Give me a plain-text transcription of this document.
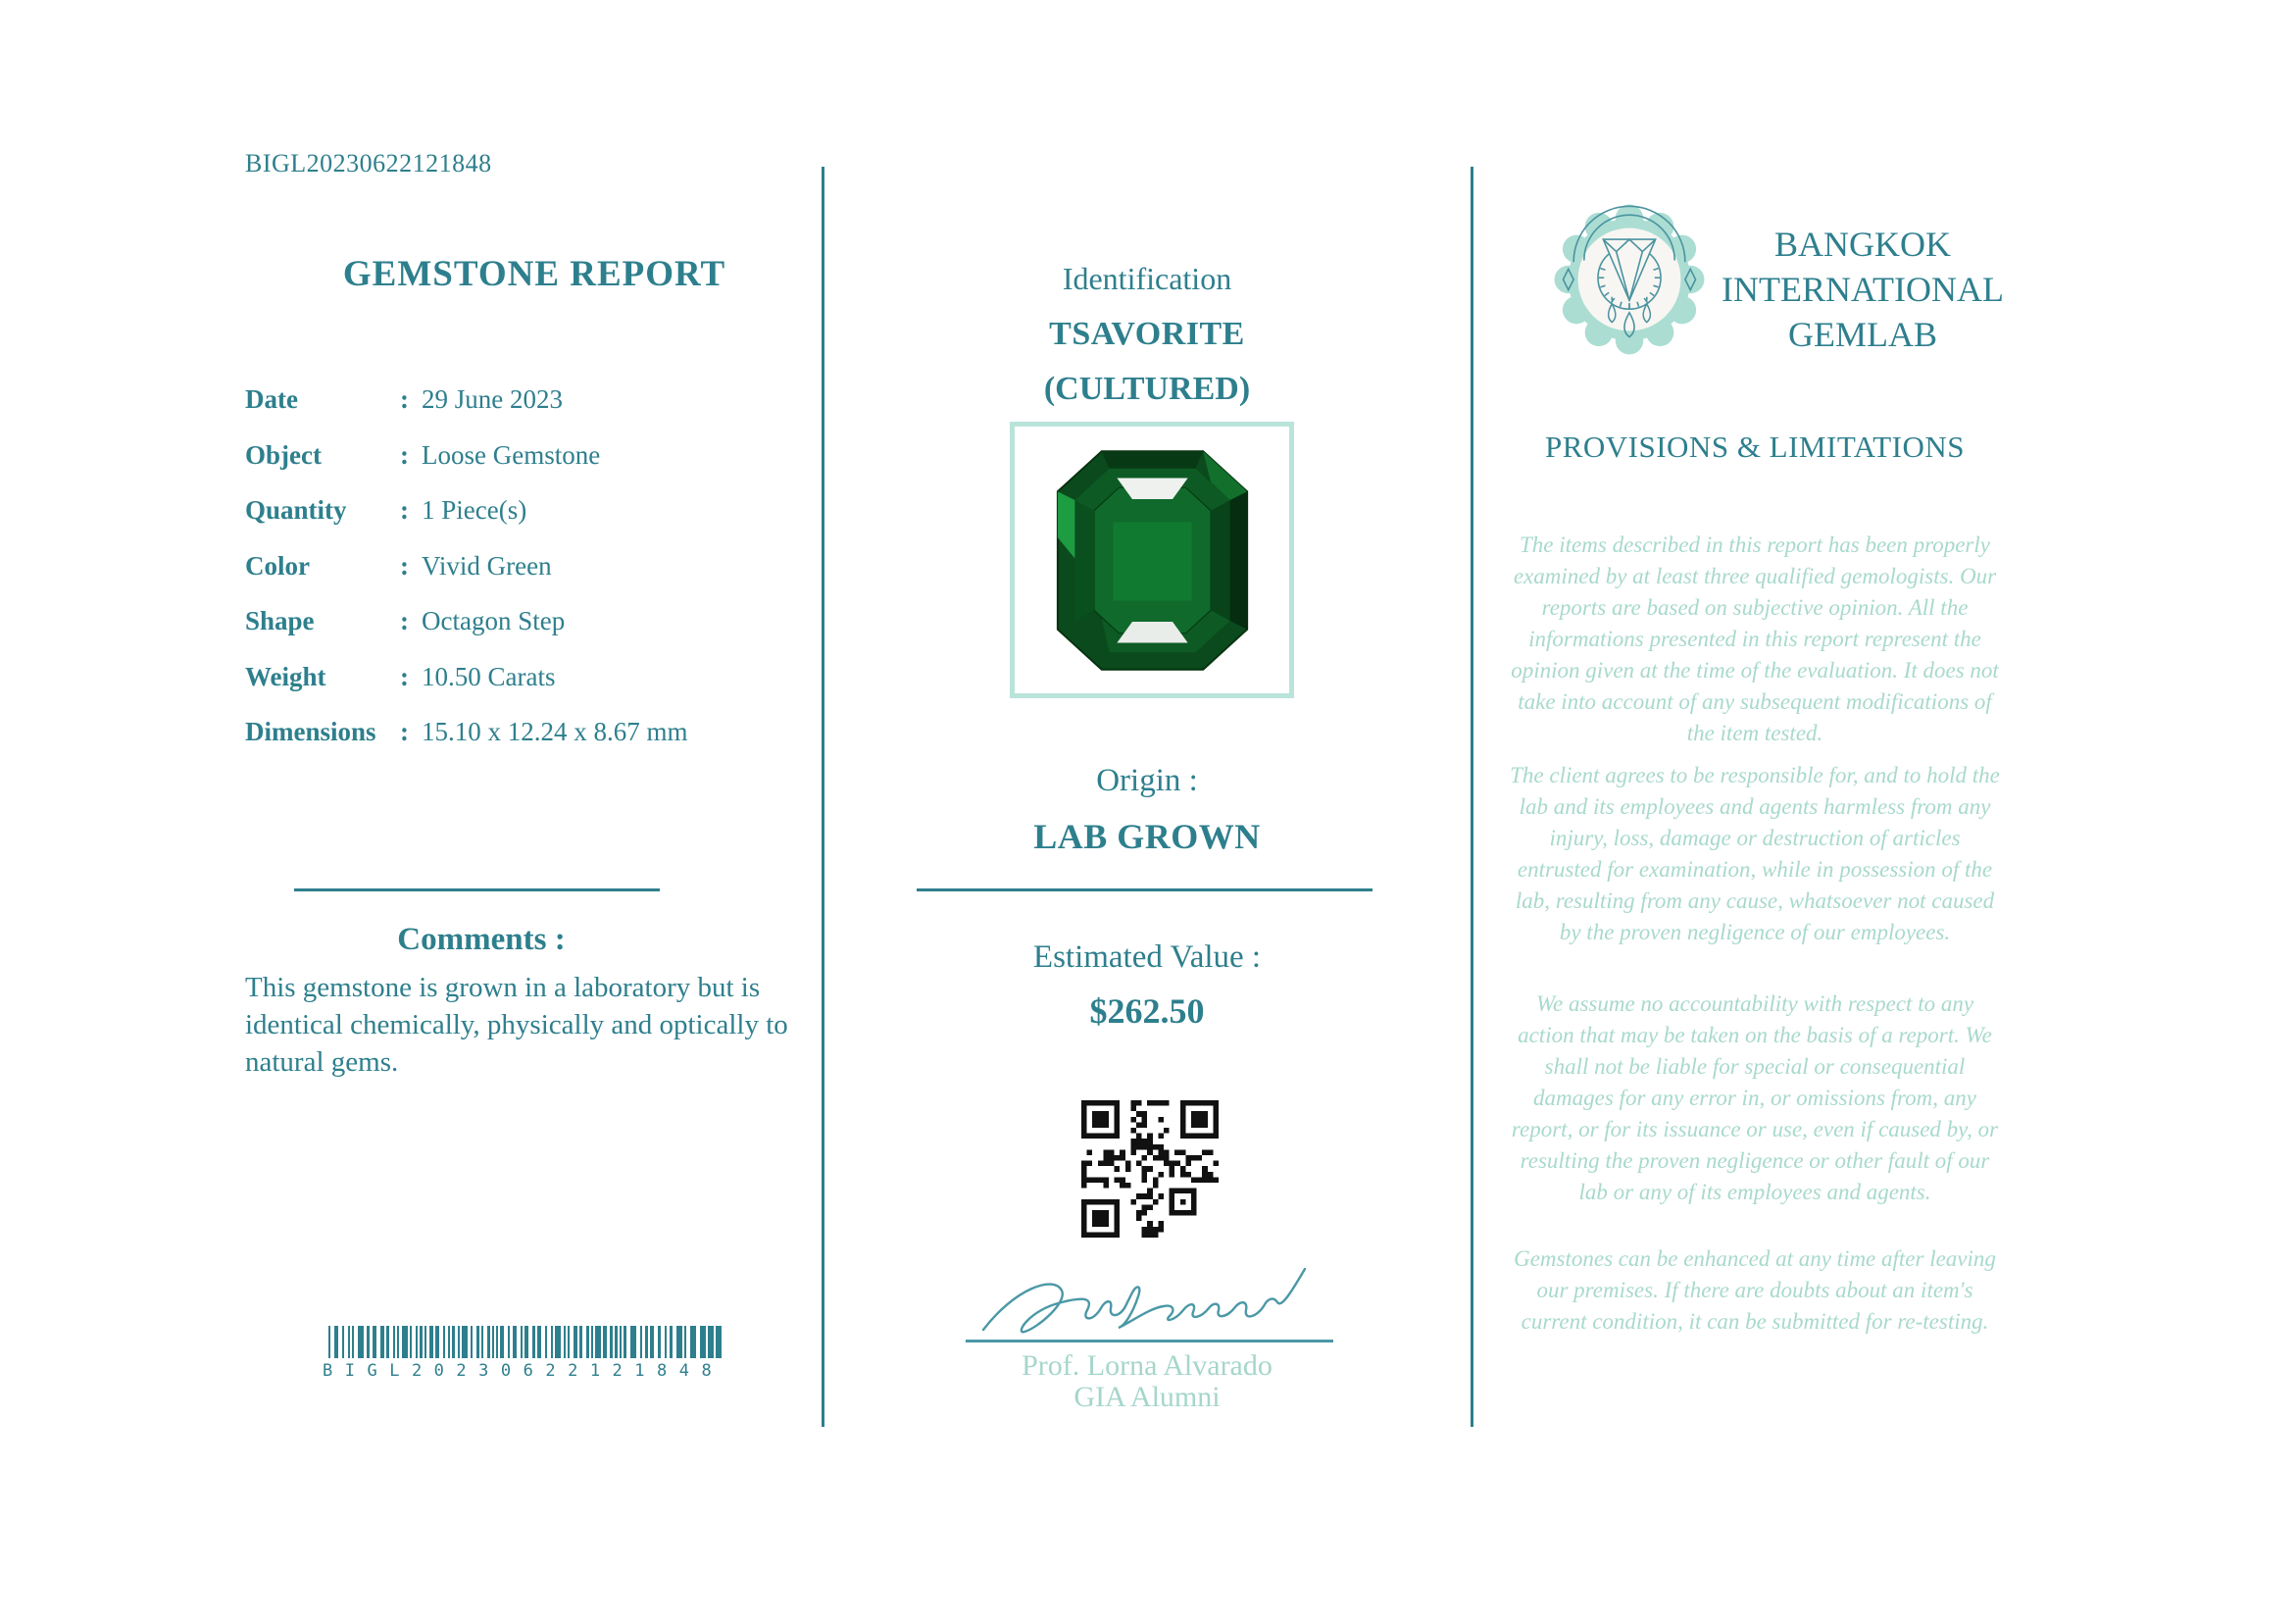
BIGL20230622121848
GEMSTONE REPORT
Date	: 29 June 2023
Object	: Loose Gemstone
Quantity	: 1 Piece(s)
Color	: Vivid Green
Shape	: Octagon Step
Weight	: 10.50 Carats
Dimensions : 15.10 x 12.24 x 8.67 mm
Comments :
This gemstone is grown in a laboratory but is identical chemically, physically and optically to natural gems.
BIGL20230622121848
Identification
TSAVORITE
(CULTURED)
Origin :
LAB GROWN
Estimated Value :
$262.50
Prof. Lorna Alvarado
GIA Alumni
BANGKOK
INTERNATIONAL
GEMLAB
PROVISIONS & LIMITATIONS
The items described in this report has been properly examined by at least three qualified gemologists. Our reports are based on subjective opinion. All the informations presented in this report represent the opinion given at the time of the evaluation. It does not take into account of any subsequent modifications of the item tested.
The client agrees to be responsible for, and to hold the lab and its employees and agents harmless from any injury, loss, damage or destruction of articles entrusted for examination, while in possession of the lab, resulting from any cause, whatsoever not caused by the proven negligence of our employees.
We assume no accountability with respect to any action that may be taken on the basis of a report. We shall not be liable for special or consequential damages for any error in, or omissions from, any report, or for its issuance or use, even if caused by, or resulting the proven negligence or other fault of our lab or any of its employees and agents.
Gemstones can be enhanced at any time after leaving our premises. If there are doubts about an item's current condition, it can be submitted for re-testing.
